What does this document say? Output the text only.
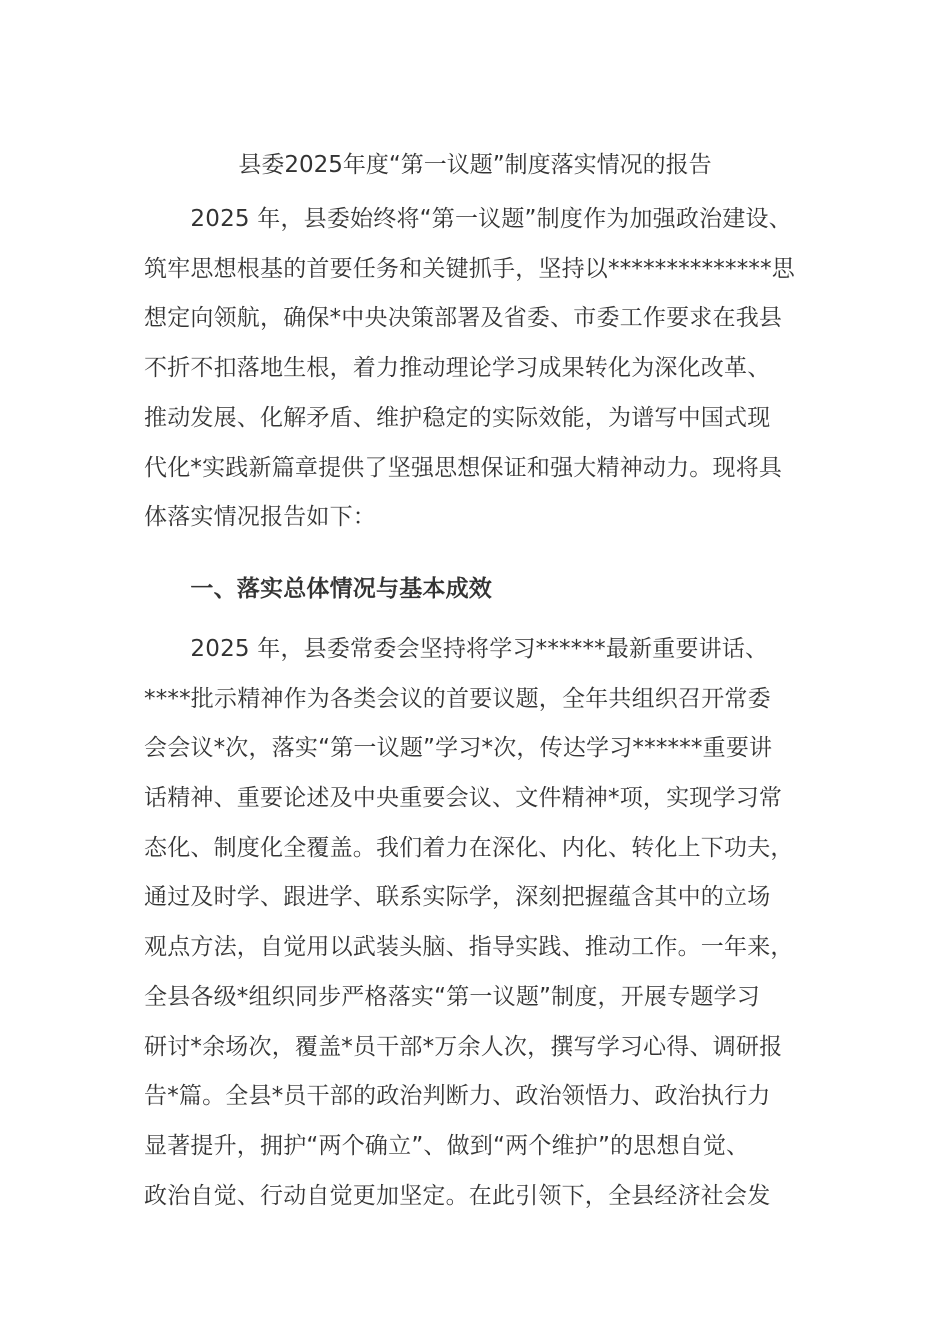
县委2025年度“第一议题”制度落实情况的报告
　　2025 年，县委始终将“第一议题”制度作为加强政治建设、
筑牢思想根基的首要任务和关键抓手，坚持以**************思
想定向领航，确保*中央决策部署及省委、市委工作要求在我县
不折不扣落地生根，着力推动理论学习成果转化为深化改革、
推动发展、化解矛盾、维护稳定的实际效能，为谱写中国式现
代化*实践新篇章提供了坚强思想保证和强大精神动力。现将具
体落实情况报告如下：
　　一、落实总体情况与基本成效
　　2025 年，县委常委会坚持将学习******最新重要讲话、
****批示精神作为各类会议的首要议题，全年共组织召开常委
会会议*次，落实“第一议题”学习*次，传达学习******重要讲
话精神、重要论述及中央重要会议、文件精神*项，实现学习常
态化、制度化全覆盖。我们着力在深化、内化、转化上下功夫，
通过及时学、跟进学、联系实际学，深刻把握蕴含其中的立场
观点方法，自觉用以武装头脑、指导实践、推动工作。一年来，
全县各级*组织同步严格落实“第一议题”制度，开展专题学习
研讨*余场次，覆盖*员干部*万余人次，撰写学习心得、调研报
告*篇。全县*员干部的政治判断力、政治领悟力、政治执行力
显著提升，拥护“两个确立”、做到“两个维护”的思想自觉、
政治自觉、行动自觉更加坚定。在此引领下，全县经济社会发
